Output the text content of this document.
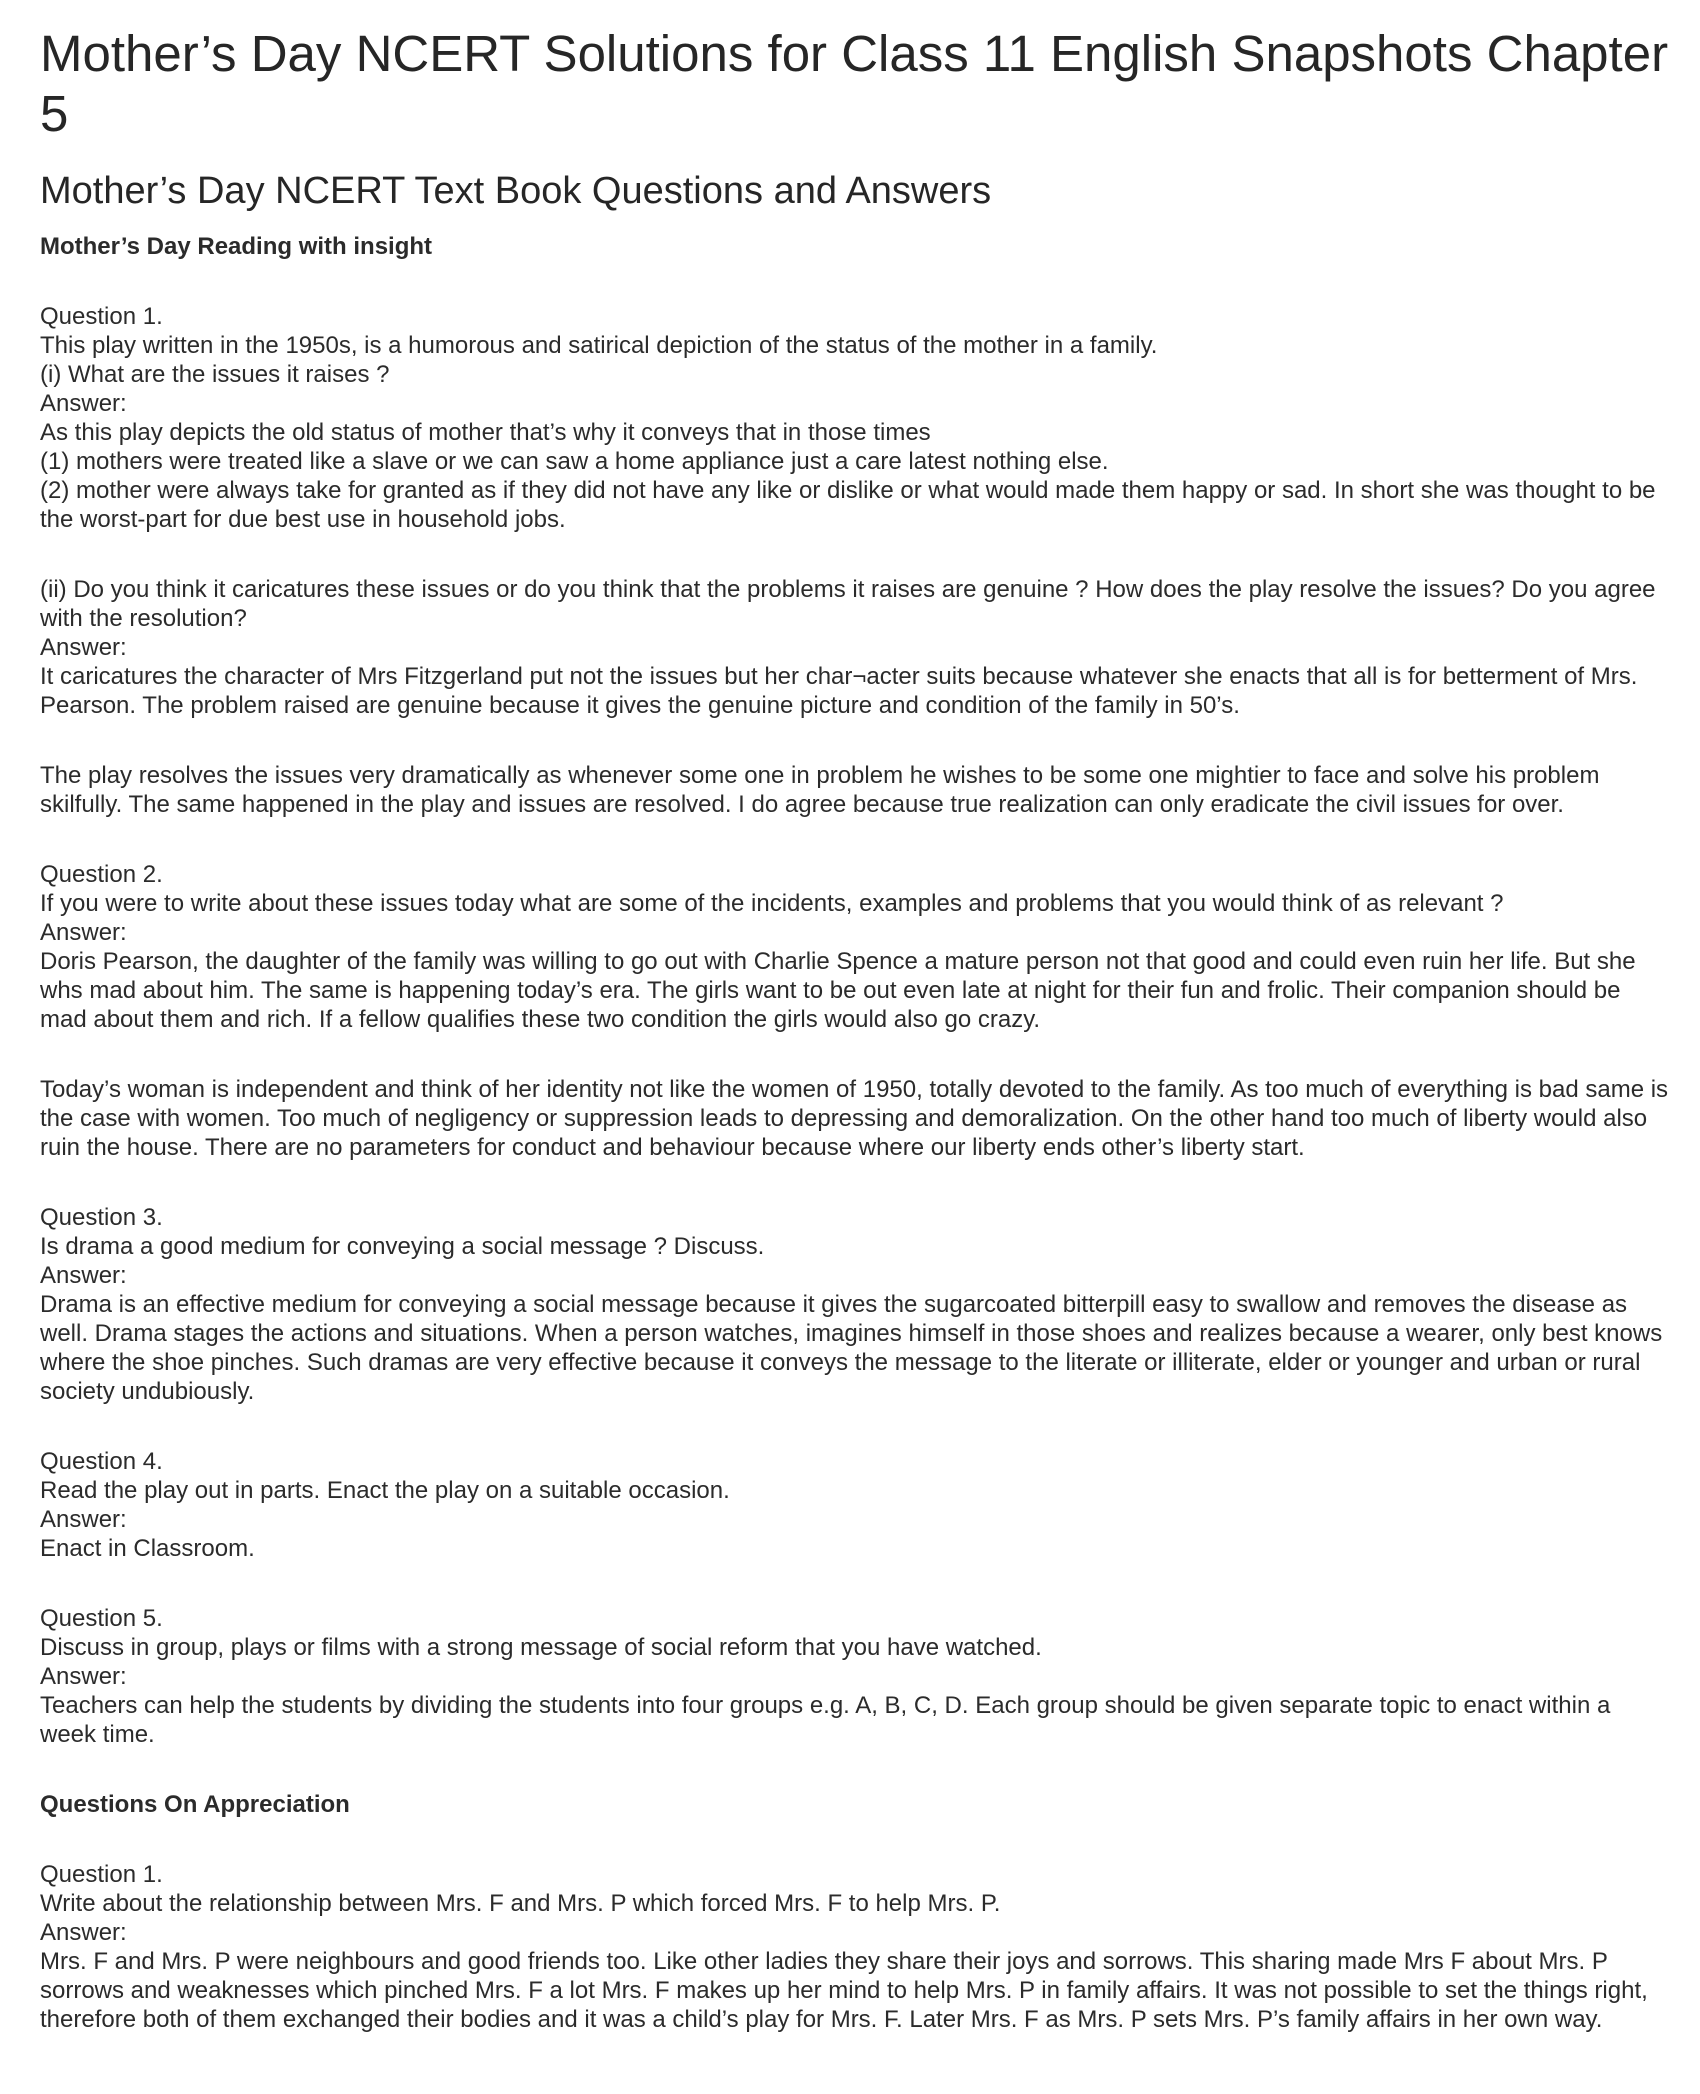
Mother’s Day NCERT Solutions for Class 11 English Snapshots Chapter 5
Mother’s Day NCERT Text Book Questions and Answers
Mother’s Day Reading with insight

Question 1.

This play written in the 1950s, is a humorous and satirical depiction of the status of the mother in a family.

(i) What are the issues it raises ?

Answer:

As this play depicts the old status of mother that’s why it conveys that in those times

(1) mothers were treated like a slave or we can saw a home appliance just a care latest nothing else.

(2) mother were always take for granted as if they did not have any like or dislike or what would made them happy or sad. In short she was thought to be the worst-part for due best use in household jobs.

(ii) Do you think it caricatures these issues or do you think that the problems it raises are genuine ? How does the play resolve the issues? Do you agree with the resolution?

Answer:

It caricatures the character of Mrs Fitzgerland put not the issues but her char¬acter suits because whatever she enacts that all is for betterment of Mrs. Pearson. The problem raised are genuine because it gives the genuine picture and condition of the family in 50’s.

The play resolves the issues very dramatically as whenever some one in problem he wishes to be some one mightier to face and solve his problem skilfully. The same happened in the play and issues are resolved. I do agree because true realization can only eradicate the civil issues for over.

Question 2.

If you were to write about these issues today what are some of the incidents, examples and problems that you would think of as relevant ?

Answer:

Doris Pearson, the daughter of the family was willing to go out with Charlie Spence a mature person not that good and could even ruin her life. But she whs mad about him. The same is happening today’s era. The girls want to be out even late at night for their fun and frolic. Their companion should be mad about them and rich. If a fellow qualifies these two condition the girls would also go crazy.

Today’s woman is independent and think of her identity not like the women of 1950, totally devoted to the family. As too much of everything is bad same is the case with women. Too much of negligency or suppression leads to depressing and demoralization. On the other hand too much of liberty would also ruin the house. There are no parameters for conduct and behaviour because where our liberty ends other’s liberty start.

Question 3.

Is drama a good medium for conveying a social message ? Discuss.

Answer:

Drama is an effective medium for conveying a social message because it gives the sugarcoated bitterpill easy to swallow and removes the disease as well. Drama stages the actions and situations. When a person watches, imagines himself in those shoes and realizes because a wearer, only best knows where the shoe pinches. Such dramas are very effective because it conveys the message to the literate or illiterate, elder or younger and urban or rural society undubiously.

Question 4.

Read the play out in parts. Enact the play on a suitable occasion.

Answer:

Enact in Classroom.

Question 5.

Discuss in group, plays or films with a strong message of social reform that you have watched.

Answer:

Teachers can help the students by dividing the students into four groups e.g. A, B, C, D. Each group should be given separate topic to enact within a week time.

Questions On Appreciation

Question 1.

Write about the relationship between Mrs. F and Mrs. P which forced Mrs. F to help Mrs. P.

Answer:

Mrs. F and Mrs. P were neighbours and good friends too. Like other ladies they share their joys and sorrows. This sharing made Mrs F about Mrs. P sorrows and weaknesses which pinched Mrs. F a lot Mrs. F makes up her mind to help Mrs. P in family affairs. It was not possible to set the things right, therefore both of them exchanged their bodies and it was a child’s play for Mrs. F. Later Mrs. F as Mrs. P sets Mrs. P’s family affairs in her own way.
